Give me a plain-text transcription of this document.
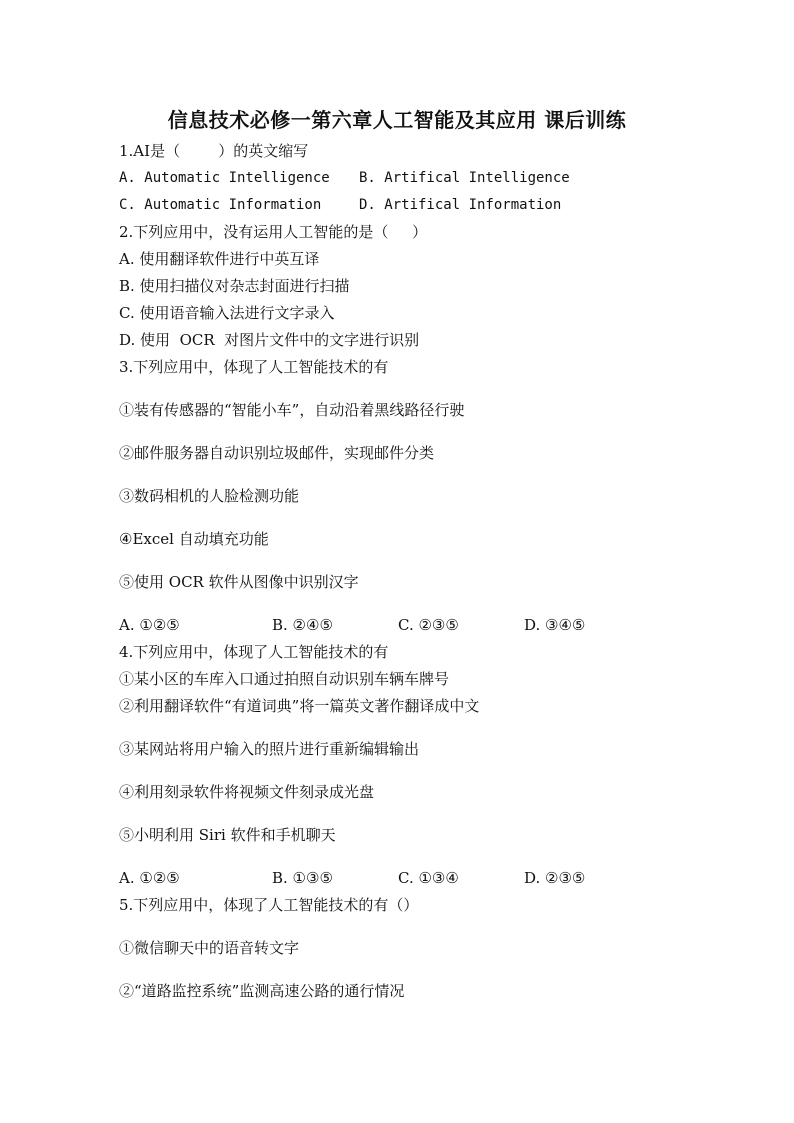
信息技术必修一第六章人工智能及其应用 课后训练
1.AI是（        ）的英文缩写
A. Automatic Intelligence	B. Artifical Intelligence
C. Automatic Information	D. Artifical Information
2.下列应用中，没有运用人工智能的是（     ）
A. 使用翻译软件进行中英互译
B. 使用扫描仪对杂志封面进行扫描
C. 使用语音输入法进行文字录入
D. 使用  OCR  对图片文件中的文字进行识别
3.下列应用中，体现了人工智能技术的有
①装有传感器的“智能小车”，自动沿着黑线路径行驶
②邮件服务器自动识别垃圾邮件，实现邮件分类
③数码相机的人脸检测功能
④Excel 自动填充功能
⑤使用 OCR 软件从图像中识别汉字
A. ①②⑤	B. ②④⑤	C. ②③⑤	D. ③④⑤
4.下列应用中，体现了人工智能技术的有
①某小区的车库入口通过拍照自动识别车辆车牌号
②利用翻译软件“有道词典”将一篇英文著作翻译成中文
③某网站将用户输入的照片进行重新编辑输出
④利用刻录软件将视频文件刻录成光盘
⑤小明利用 Siri 软件和手机聊天
A. ①②⑤	B. ①③⑤	C. ①③④	D. ②③⑤
5.下列应用中，体现了人工智能技术的有（）
①微信聊天中的语音转文字
②“道路监控系统”监测高速公路的通行情况
